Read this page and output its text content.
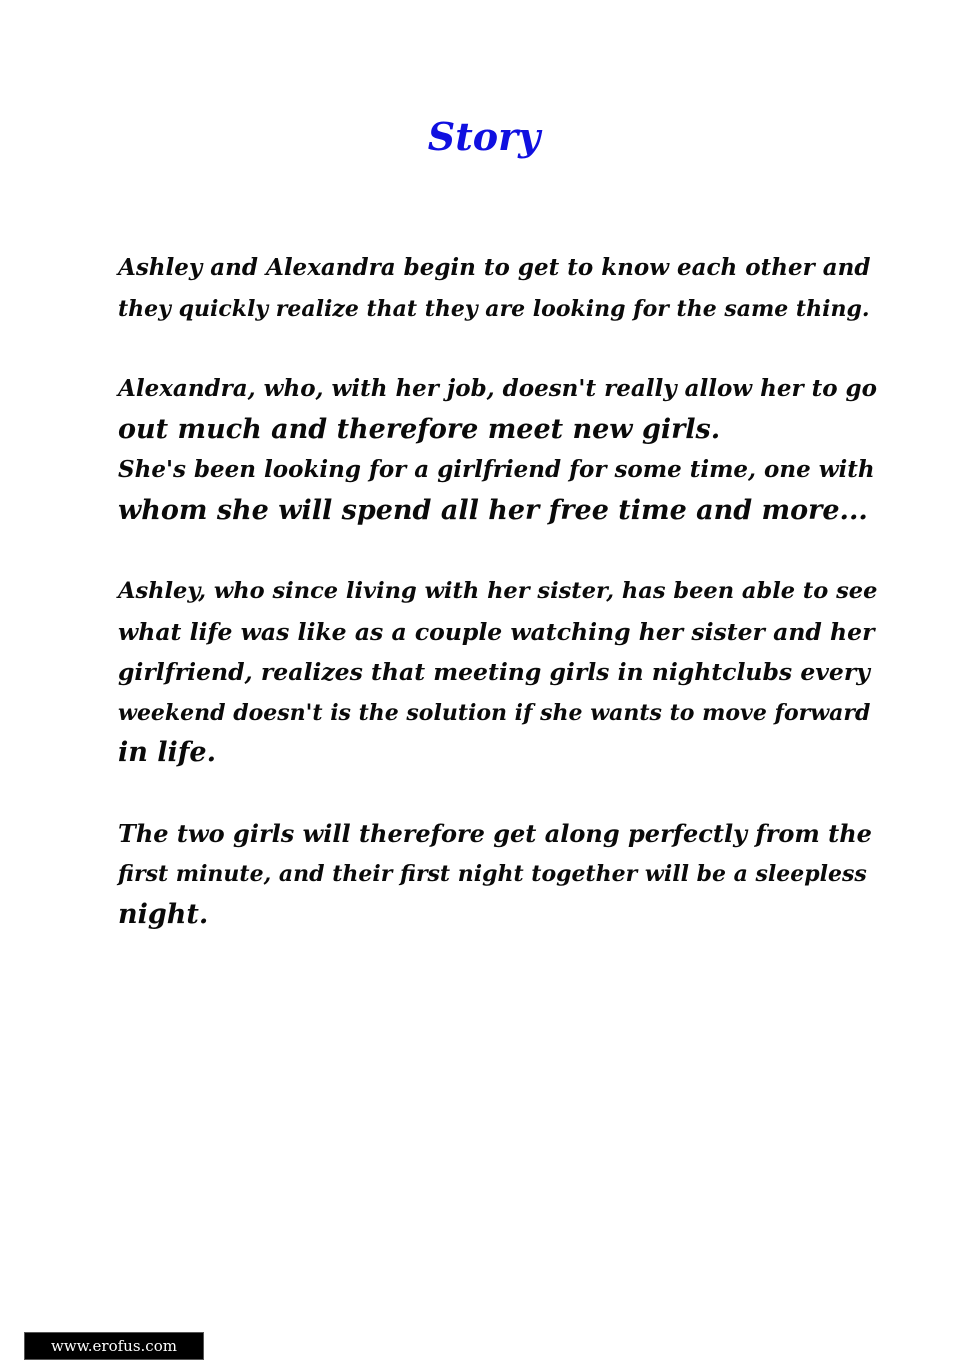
Story

Ashley and Alexandra begin to get to know each other and
they quickly realize that they are looking for the same thing.

Alexandra, who, with her job, doesn't really allow her to go
out much and therefore meet new girls.
She's been looking for a girlfriend for some time, one with
whom she will spend all her free time and more...

Ashley, who since living with her sister, has been able to see
what life was like as a couple watching her sister and her
girlfriend, realizes that meeting girls in nightclubs every
weekend doesn't is the solution if she wants to move forward
in life.

The two girls will therefore get along perfectly from the
first minute, and their first night together will be a sleepless
night.

www.erofus.com
